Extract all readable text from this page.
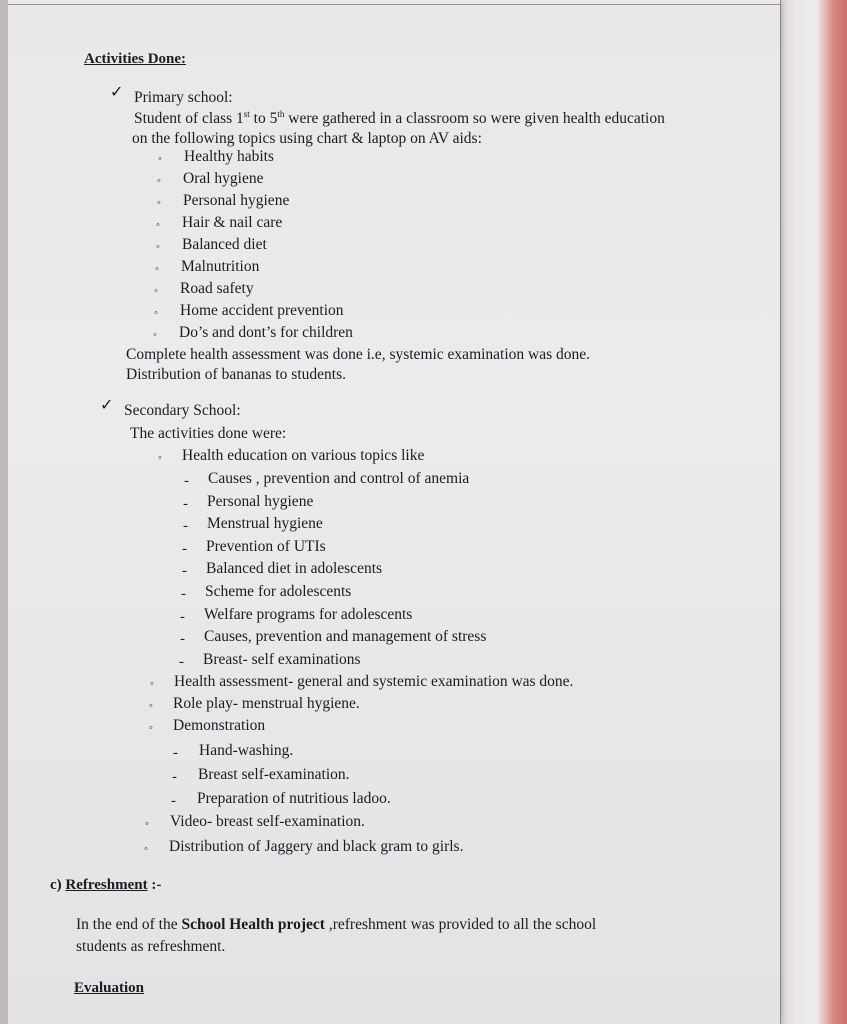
Activities Done:
✓ Primary school:
Student of class 1st to 5th were gathered in a classroom so were given health education
on the following topics using chart & laptop on AV aids:
◦ Healthy habits
◦ Oral hygiene
◦ Personal hygiene
◦ Hair & nail care
◦ Balanced diet
◦ Malnutrition
◦ Road safety
◦ Home accident prevention
◦ Do’s and dont’s for children
Complete health assessment was done i.e, systemic examination was done.
Distribution of bananas to students.
✓ Secondary School:
The activities done were:
◦ Health education on various topics like
- Causes , prevention and control of anemia
- Personal hygiene
- Menstrual hygiene
- Prevention of UTIs
- Balanced diet in adolescents
- Scheme for adolescents
- Welfare programs for adolescents
- Causes, prevention and management of stress
- Breast- self examinations
◦ Health assessment- general and systemic examination was done.
◦ Role play- menstrual hygiene.
◦ Demonstration
- Hand-washing.
- Breast self-examination.
- Preparation of nutritious ladoo.
◦ Video- breast self-examination.
◦ Distribution of Jaggery and black gram to girls.
c) Refreshment :-
In the end of the School Health project ,refreshment was provided to all the school
students as refreshment.
Evaluation
